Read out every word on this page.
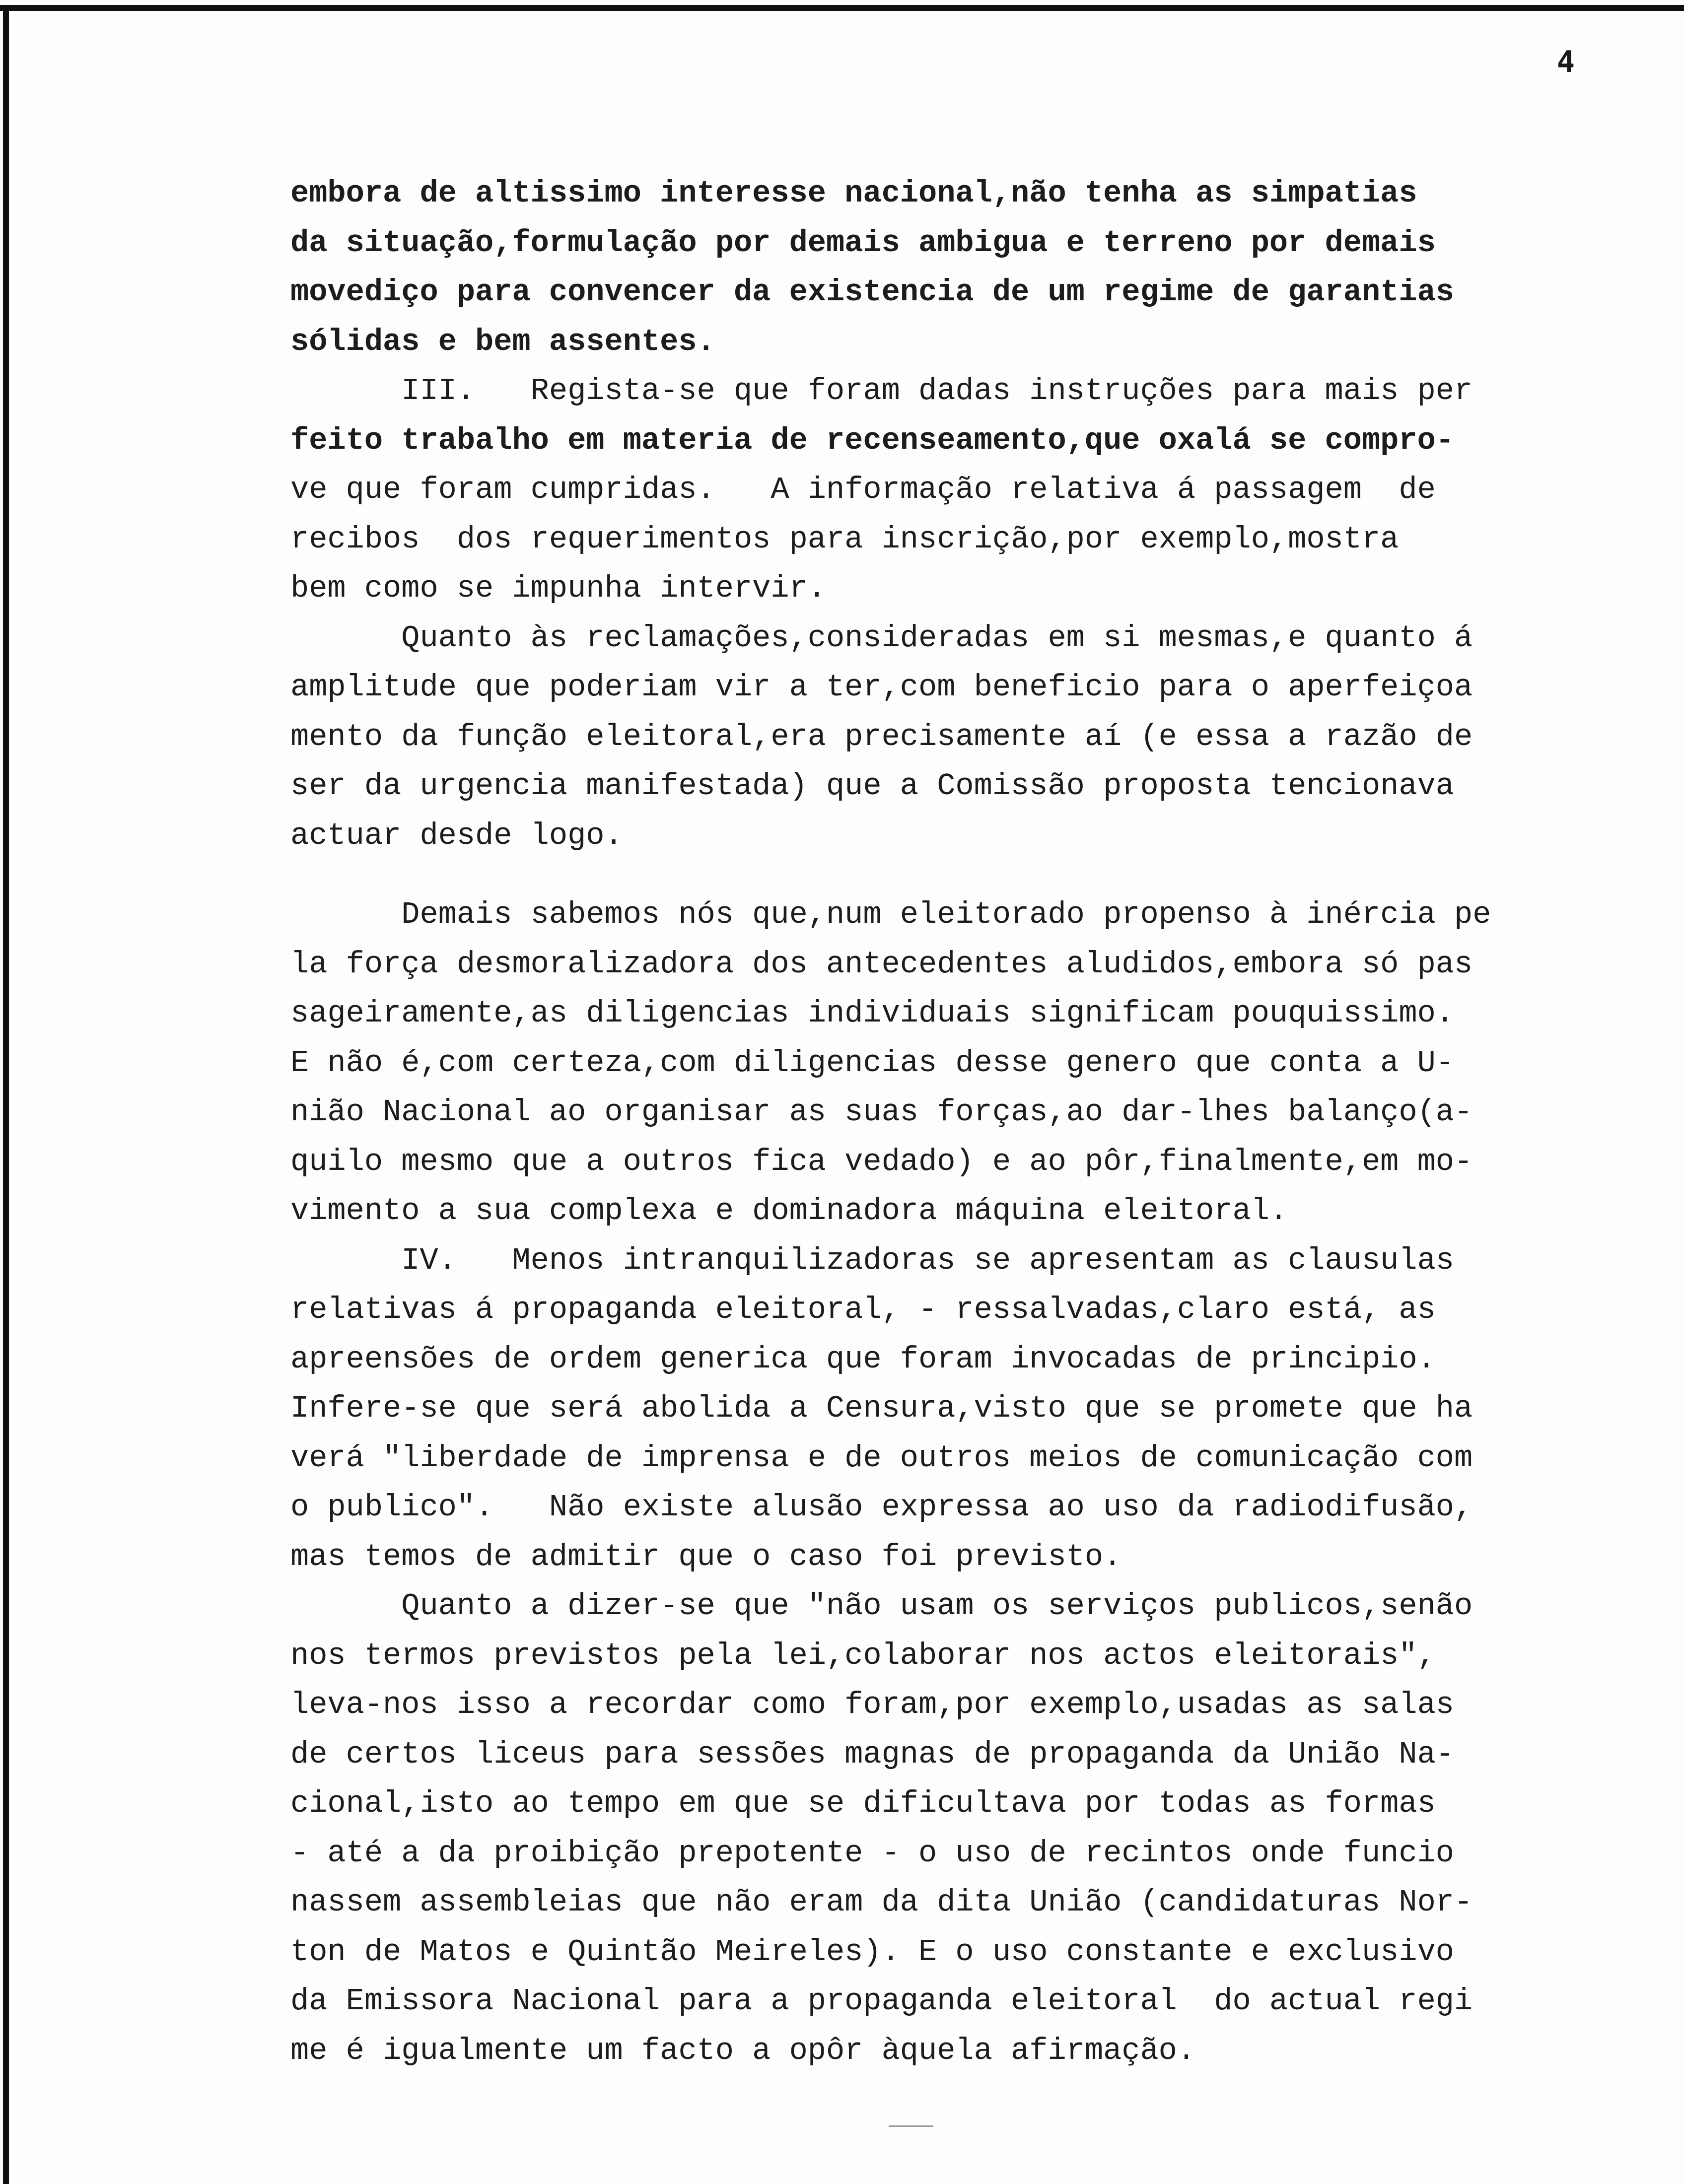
4
embora de altissimo interesse nacional,não tenha as simpatias
da situação,formulação por demais ambigua e terreno por demais
movediço para convencer da existencia de um regime de garantias
sólidas e bem assentes.
III.   Regista-se que foram dadas instruções para mais per
feito trabalho em materia de recenseamento,que oxalá se compro-
ve que foram cumpridas.   A informação relativa á passagem  de
recibos  dos requerimentos para inscrição,por exemplo,mostra
bem como se impunha intervir.
Quanto às reclamações,consideradas em si mesmas,e quanto á
amplitude que poderiam vir a ter,com beneficio para o aperfeiçoa
mento da função eleitoral,era precisamente aí (e essa a razão de
ser da urgencia manifestada) que a Comissão proposta tencionava
actuar desde logo.
Demais sabemos nós que,num eleitorado propenso à inércia pe
la força desmoralizadora dos antecedentes aludidos,embora só pas
sageiramente,as diligencias individuais significam pouquissimo.
E não é,com certeza,com diligencias desse genero que conta a U-
nião Nacional ao organisar as suas forças,ao dar-lhes balanço(a-
quilo mesmo que a outros fica vedado) e ao pôr,finalmente,em mo-
vimento a sua complexa e dominadora máquina eleitoral.
IV.   Menos intranquilizadoras se apresentam as clausulas
relativas á propaganda eleitoral, - ressalvadas,claro está, as
apreensões de ordem generica que foram invocadas de principio.
Infere-se que será abolida a Censura,visto que se promete que ha
verá "liberdade de imprensa e de outros meios de comunicação com
o publico".   Não existe alusão expressa ao uso da radiodifusão,
mas temos de admitir que o caso foi previsto.
Quanto a dizer-se que "não usam os serviços publicos,senão
nos termos previstos pela lei,colaborar nos actos eleitorais",
leva-nos isso a recordar como foram,por exemplo,usadas as salas
de certos liceus para sessões magnas de propaganda da União Na-
cional,isto ao tempo em que se dificultava por todas as formas
- até a da proibição prepotente - o uso de recintos onde funcio
nassem assembleias que não eram da dita União (candidaturas Nor-
ton de Matos e Quintão Meireles). E o uso constante e exclusivo
da Emissora Nacional para a propaganda eleitoral  do actual regi
me é igualmente um facto a opôr àquela afirmação.
